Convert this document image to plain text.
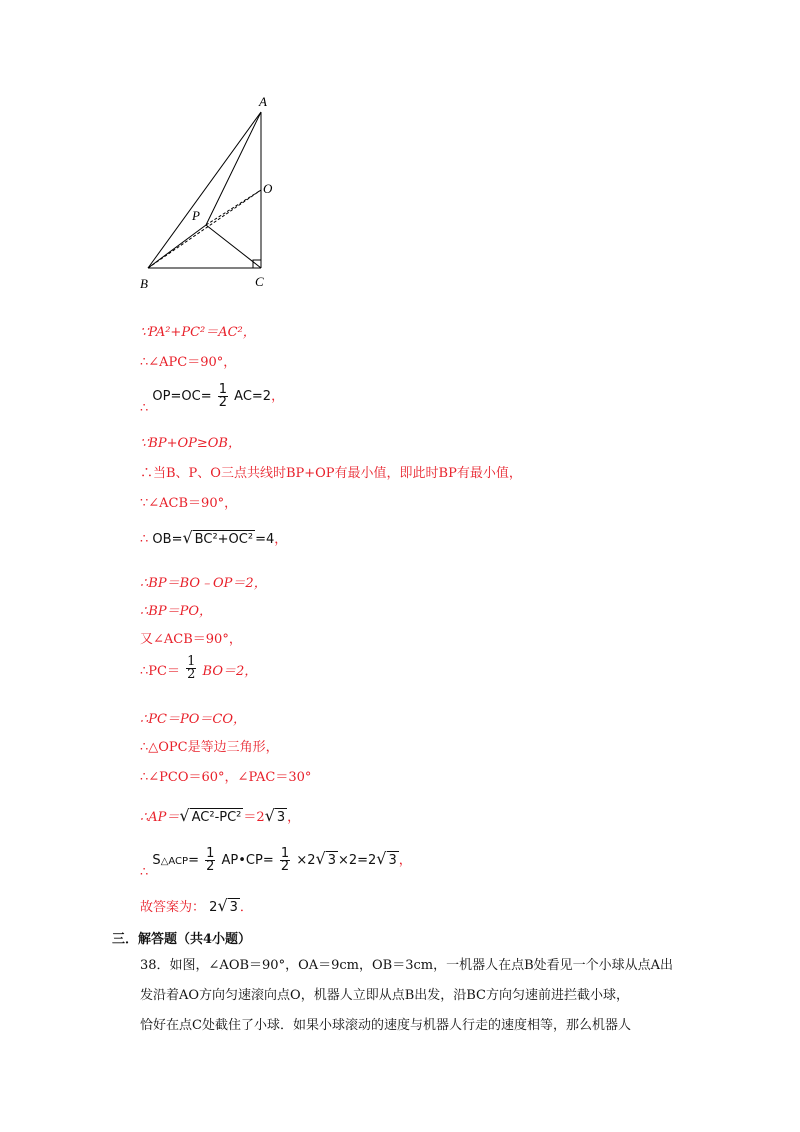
A
O
P
B	C
∵PA²+PC²＝AC²，
∴∠APC＝90°，
∴ $OP=OC= \frac{1}{2} AC=2$，
∵BP+OP≥OB，
∴当B、P、O三点共线时BP+OP有最小值，即此时BP有最小值，
∵∠ACB＝90°，
∴ OB=√ BC²+OC² =4，
∴BP＝BO﹣OP＝2，
∴BP＝PO，
又∠ACB＝90°，
∴PC＝ $\frac{1}{2} BO=2$，
∴PC＝PO＝CO，
∴△OPC是等边三角形，
∴∠PCO＝60°，∠PAC＝30°
∴AP＝√ AC²-PC² ＝2√ 3 ，
∴ S△ACP= $\frac{1}{2}$ AP•CP= $\frac{1}{2} \times 2√$ 3 ×2=2√ 3 ，
故答案为： 2√ 3 ．
三．解答题（共4小题）
38．如图，∠AOB＝90°，OA＝9cm，OB＝3cm，一机器人在点B处看见一个小球从点A出
发沿着AO方向匀速滚向点O，机器人立即从点B出发，沿BC方向匀速前进拦截小球，
恰好在点C处截住了小球．如果小球滚动的速度与机器人行走的速度相等，那么机器人
